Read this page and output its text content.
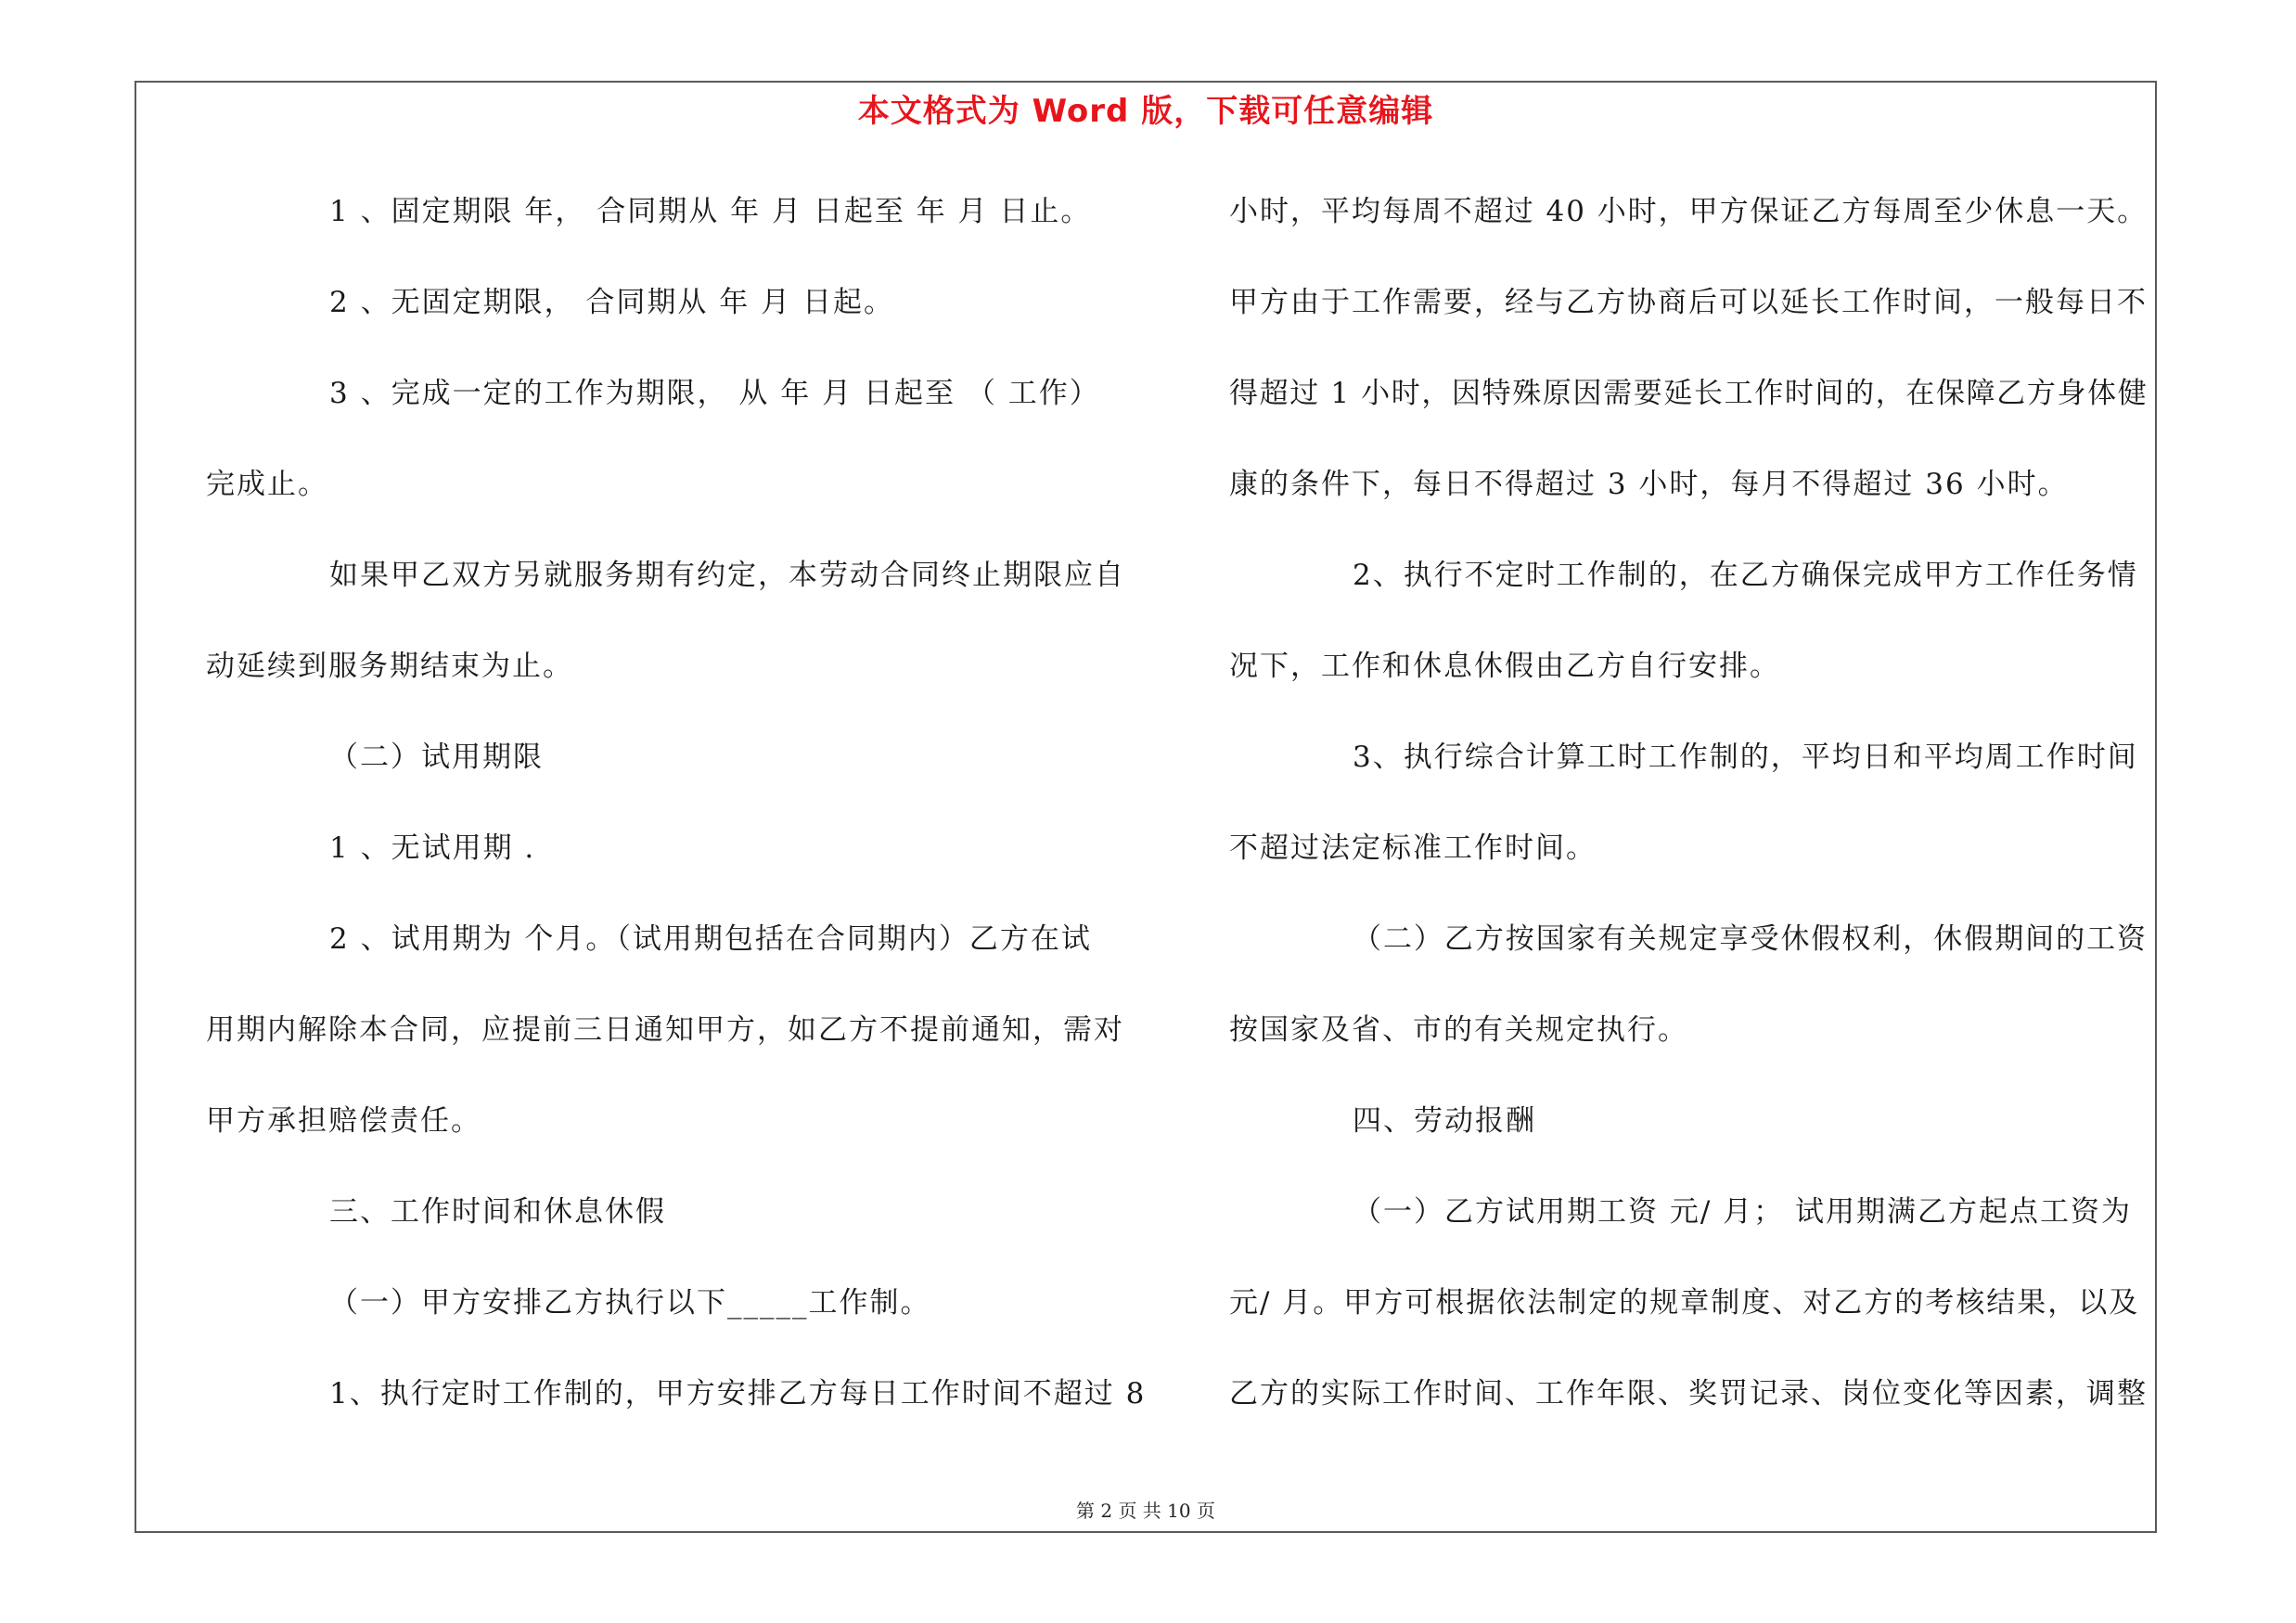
本文格式为 Word 版，下载可任意编辑
1 、固定期限 年， 合同期从 年 月 日起至 年 月 日止。
2 、无固定期限， 合同期从 年 月 日起。
3 、完成一定的工作为期限， 从 年 月 日起至 （ 工作）
完成止。
如果甲乙双方另就服务期有约定，本劳动合同终止期限应自
动延续到服务期结束为止。
（二）试用期限
1 、无试用期 .
2 、试用期为 个月。（试用期包括在合同期内）乙方在试
用期内解除本合同，应提前三日通知甲方，如乙方不提前通知，需对
甲方承担赔偿责任。
三、工作时间和休息休假
（一）甲方安排乙方执行以下_____工作制。
1、执行定时工作制的，甲方安排乙方每日工作时间不超过 8
小时，平均每周不超过 40 小时，甲方保证乙方每周至少休息一天。
甲方由于工作需要，经与乙方协商后可以延长工作时间，一般每日不
得超过 1 小时，因特殊原因需要延长工作时间的，在保障乙方身体健
康的条件下，每日不得超过 3 小时，每月不得超过 36 小时。
2、执行不定时工作制的，在乙方确保完成甲方工作任务情
况下，工作和休息休假由乙方自行安排。
3、执行综合计算工时工作制的，平均日和平均周工作时间
不超过法定标准工作时间。
（二）乙方按国家有关规定享受休假权利，休假期间的工资
按国家及省、市的有关规定执行。
四、劳动报酬
（一）乙方试用期工资 元/ 月； 试用期满乙方起点工资为
元/ 月。甲方可根据依法制定的规章制度、对乙方的考核结果，以及
乙方的实际工作时间、工作年限、奖罚记录、岗位变化等因素，调整
第 2 页 共 10 页
